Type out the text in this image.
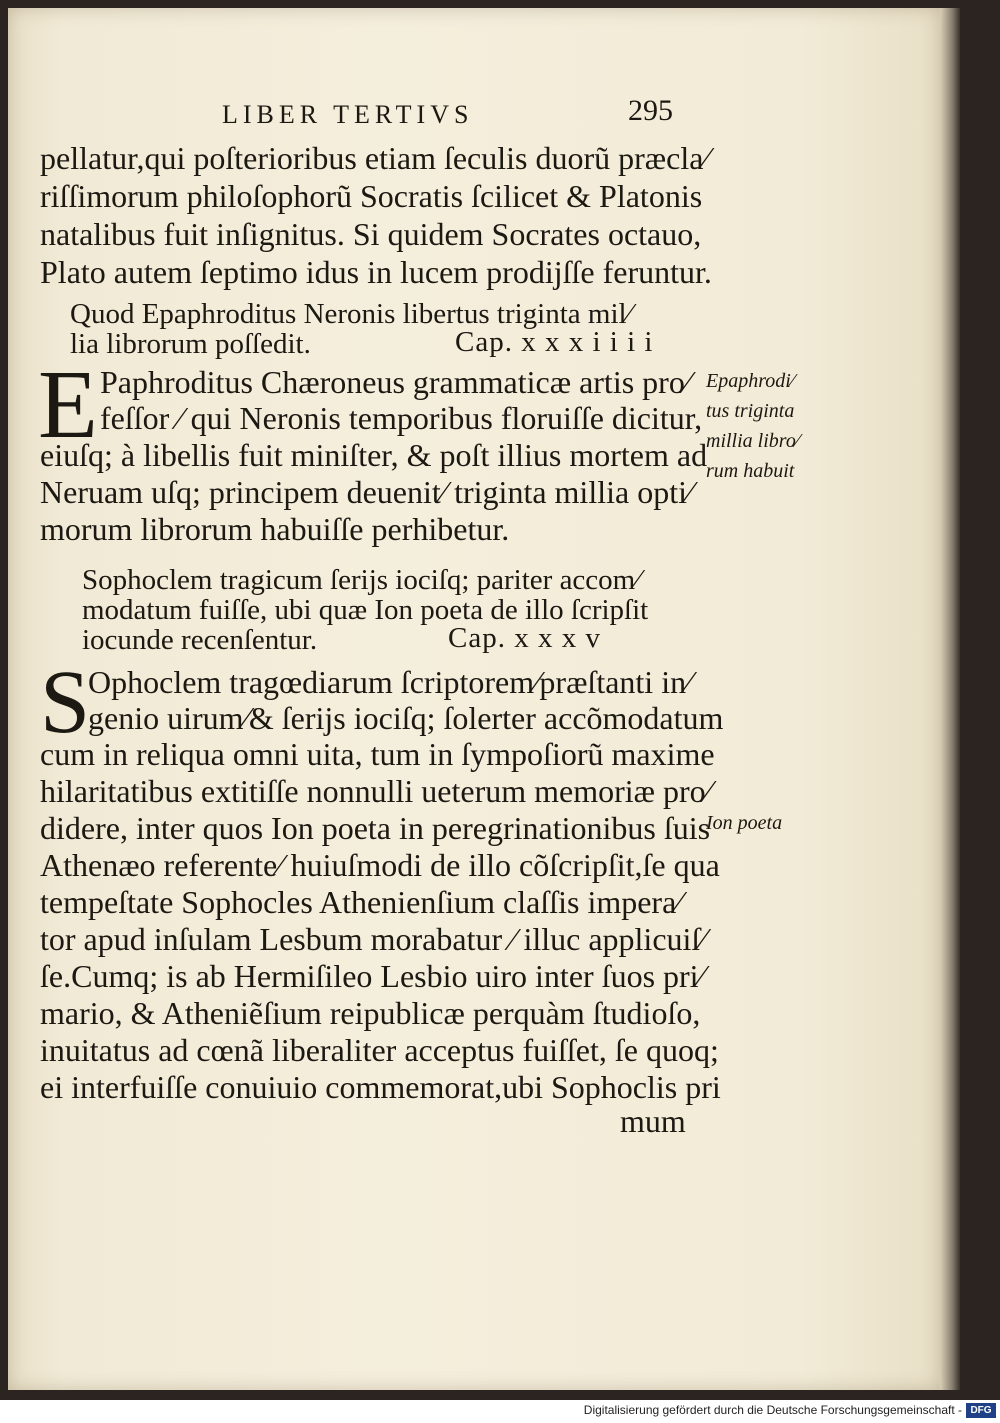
LIBER TERTIVS	295
pellatur,qui poſterioribus etiam ſeculis duorũ præcla⁄
riſſimorum philoſophorũ Socratis ſcilicet & Platonis
natalibus fuit inſignitus. Si quidem Socrates octauo,
Plato autem ſeptimo idus in lucem prodijſſe feruntur.
Quod Epaphroditus Neronis libertus triginta mil⁄
lia librorum poſſedit.	Cap. x x x i i i i
E Paphroditus Chæroneus grammaticæ artis pro⁄
feſſor ⁄ qui Neronis temporibus floruiſſe dicitur,
eiuſq; à libellis fuit miniſter, & poſt illius mortem ad
Neruam uſq; principem deuenit⁄ triginta millia opti⁄
morum librorum habuiſſe perhibetur.
Epaphrodi⁄
tus triginta
millia libro⁄
rum habuit
Sophoclem tragicum ſerijs iociſq; pariter accom⁄
modatum fuiſſe, ubi quæ Ion poeta de illo ſcripſit
iocunde recenſentur.	Cap. x x x v
S
Ophoclem tragœdiarum ſcriptorem⁄præſtanti in⁄
genio uirum⁄& ſerijs iociſq; ſolerter accõmodatum
cum in reliqua omni uita, tum in ſympoſiorũ maxime
hilaritatibus extitiſſe nonnulli ueterum memoriæ pro⁄
didere, inter quos Ion poeta in peregrinationibus ſuis
Athenæo referente⁄ huiuſmodi de illo cõſcripſit,ſe qua
tempeſtate Sophocles Athenienſium claſſis impera⁄
tor apud inſulam Lesbum morabatur ⁄ illuc applicuiſ⁄
ſe.Cumq; is ab Hermiſileo Lesbio uiro inter ſuos pri⁄
mario, & Atheniẽſium reipublicæ perquàm ſtudioſo,
inuitatus ad cœnã liberaliter acceptus fuiſſet, ſe quoq;
ei interfuiſſe conuiuio commemorat,ubi Sophoclis pri
mum
Ion poeta
Digitalisierung gefördert durch die Deutsche Forschungsgemeinschaft - DFG
